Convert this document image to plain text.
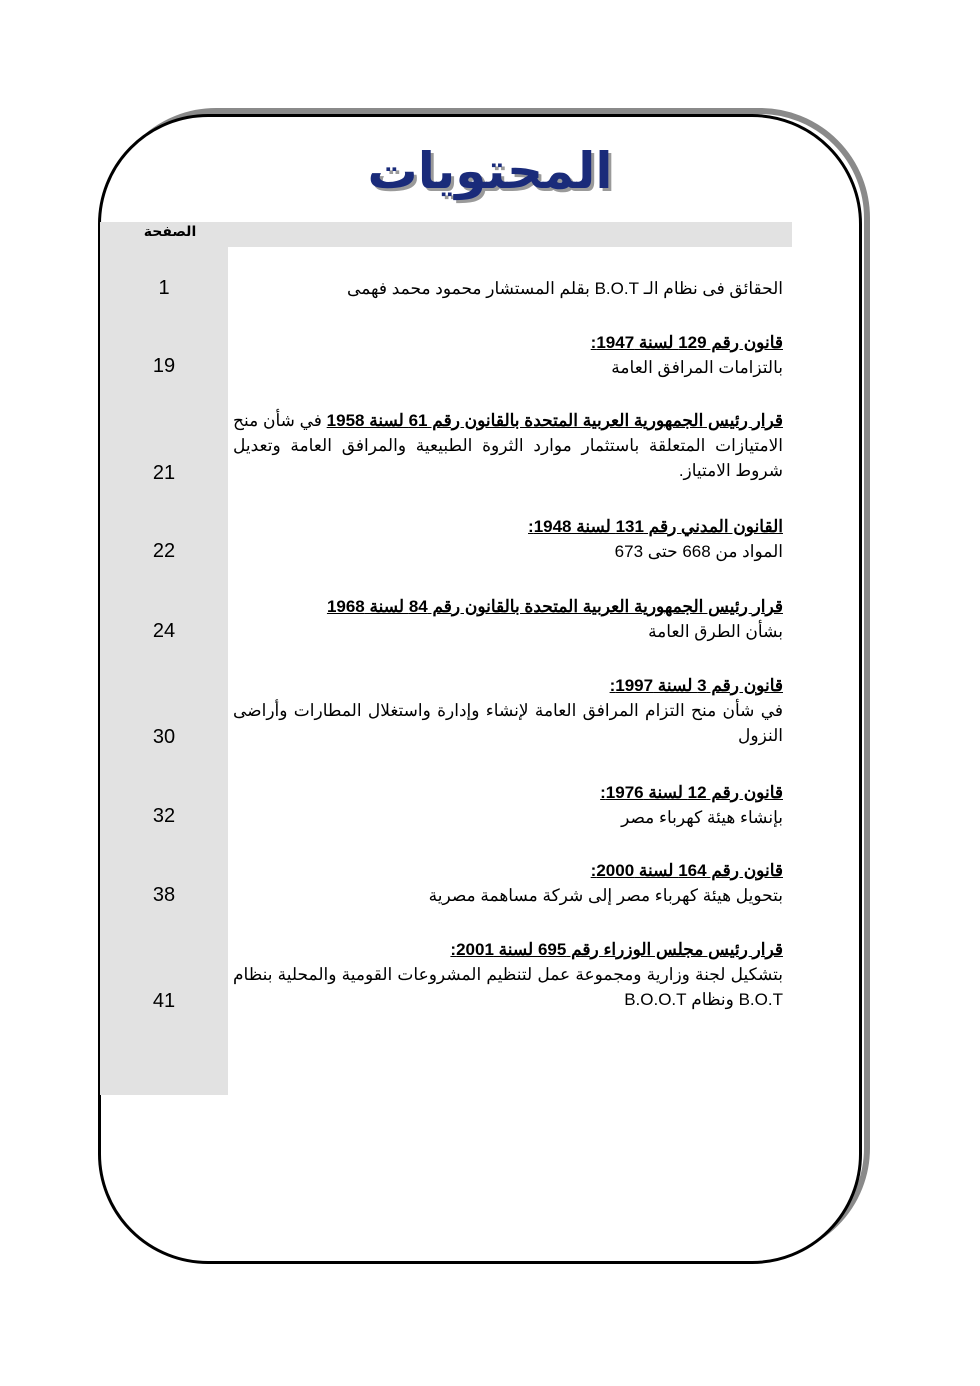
المحتويات
الصفحة
الحقائق فى نظام الـ B.O.T بقلم المستشار محمود محمد فهمى
1
قانون رقم 129 لسنة 1947:
بالتزامات المرافق العامة
19
قرار رئيس الجمهورية العربية المتحدة بالقانون رقم 61 لسنة 1958 في شأن منح الامتيازات المتعلقة باستثمار موارد الثروة الطبيعية والمرافق العامة وتعديل شروط الامتياز.
21
القانون المدني رقم 131 لسنة 1948:
المواد من 668 حتى 673
22
قرار رئيس الجمهورية العربية المتحدة بالقانون رقم 84 لسنة 1968
بشأن الطرق العامة
24
قانون رقم 3 لسنة 1997:
في شأن منح التزام المرافق العامة لإنشاء وإدارة واستغلال المطارات وأراضى النزول
30
قانون رقم 12 لسنة 1976:
بإنشاء هيئة كهرباء مصر
32
قانون رقم 164 لسنة 2000:
بتحويل هيئة كهرباء مصر إلى شركة مساهمة مصرية
38
قرار رئيس مجلس الوزراء رقم 695 لسنة 2001:
بتشكيل لجنة وزارية ومجموعة عمل لتنظيم المشروعات القومية والمحلية بنظام B.O.T ونظام B.O.O.T
41
